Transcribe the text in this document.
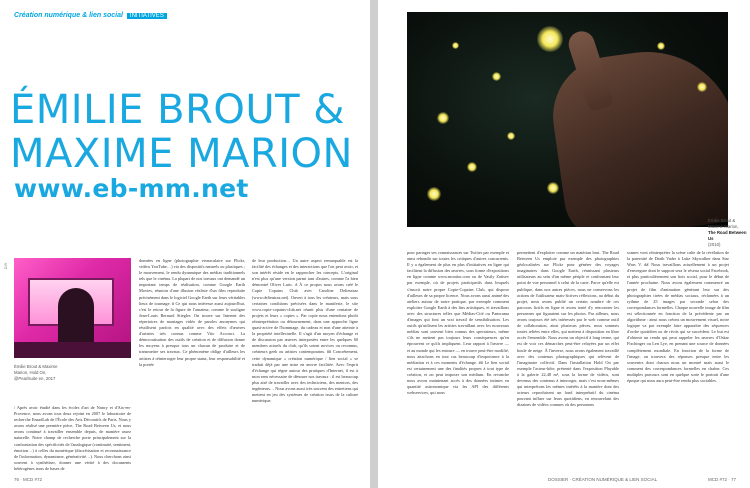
Création numérique & lien social INITIATIVES
ÉMILIE BROUT &
MAXIME MARION
www.eb-mm.net
D.R.
Émilie Brout & Maxime Marion, Hold On, @Pearlsuite en, 2017

/ Après avoir étudié dans les écoles d'art de Nancy et d'Aix-en-Provence, nous avons tous deux rejoint en 2007 le laboratoire de recherche EnsadLab de l'École des Arts Décoratifs de Paris. Nous y avons réalisé une première pièce, The Road Between Us, et nous avons continué à travailler ensemble depuis, de manière assez naturelle. Notre champ de recherche porte principalement sur la confrontation des spécificités de l'analogique (continuité, sentiment, émotion…) à celles du numérique (discrétisation et reconnaissance de l'information, dynamisme, générativité…). Nous cherchons ainsi souvent à synthétiser, donner une vérité à des documents hétérogènes issus de bases de

données en ligne (photographie vernaculaire sur Flickr, vidéos YouTube…) via des dispositifs naturels ou plastiques ; le mouvement, le rendu dynamique des médias traditionnels tels que le cinéma. La plupart de nos travaux ont demandé un important temps de réalisation, comme Google Earth Movies, réunion d'une illusion réaliste d'un film reproduite précisément dans le logiciel Google Earth sur leurs véritables lieux de tournage. # Ce qui nous intéresse aussi aujourd'hui, c'est le retour de la figure de l'amateur, comme le souligne Jean-Louis Bernard Stiegler. On trouve sur Internet des répertoires de montages vidéo de paroles anonymes qui réutilisent parfois en qualité avec des effets d'œuvres d'artistes très connus comme Vito Acconci. La démocratisation des outils de création et de diffusion donne les moyens à presque tous un chacun de produire et de transmettre ses travaux. Ce phénomène oblige d'ailleurs les artistes à réinterroger leur propre statut, leur responsabilité et la portée

de leur production… Un autre aspect remarquable est la facilité des échanges et des interactions que l'on peut avoir, et son intérêt réside en le rapprocher les concepts. L'original n'est plus qu'une version parmi tant d'autres, comme l'a bien démontré Oliver Laric. # À ce propos nous avons créé le Copie Copains Club avec Caroline Delieutraz (www.delieutraz.net). Ouvert à tous les créateurs, mais sous certaines conditions précisées dans le manifeste, le site www.copie-copains-club.net réunit plus d'une centaine de projets et leurs « copies ». Par copie nous entendons plutôt réinterprétation ou détournement, dans une approche ligne quasi-active de l'hommage, du cadeau et non d'une atteinte à la propriété intellectuelle. Il s'agit d'un moyen d'échange et de discussion par œuvres interposées entre les quelques 60 membres actuels du club, qu'ils soient novices ou reconnus, créateurs geek ou artistes contemporains. ## Concrètement, cette dynamique « création numérique / lien social » se traduit déjà par une mise en œuvre facilitée. Avec l'esprit d'échange qui règne autour des pratiques d'Internet, il est à mon sens nécessaire de dénouer nos travaux : il est beaucoup plus aisé de travailler avec des techniciens, des mentors, des ingénieurs… Nous avons aussi très souvent des entretiens qui mettent en jeu des systèmes de création issus de la culture numérique.

76 · MCD #72
Émilie Brout & Maxime Marion,
The Road Between Us
(2010)

pour partager ses connaissances sur Twitter par exemple et ainsi rebondir sur toutes les critiques d'autres concurrents. Il y a également de plus en plus d'initiatives en ligne qui facilitent la diffusion des œuvres, sous forme d'expositions en ligne comme www.monitor.com ou de Vasily Zaitsev par exemple, où de projets participatifs dans lesquels s'inscrit notre propre Copie-Copains Club, qui dispose d'ailleurs de sa propre licence. Nous avons aussi animé des ateliers autour de notre pratique, par exemple comment exploiter Google Earth à des fins artistiques, et travaillons avec des structures telles que Médias-Cité ou Panorama d'images qui font un vrai travail de sensibilisation. Les outils qu'utilisent les artistes travaillant avec les nouveaux médias sont souvent bien connus des spectateurs, même s'ils ne mettent pas toujours leurs conséquences qu'en éprouvent ce qu'ils impliquent. Leur rapport à l'œuvre — et au monde qui les entoure — en trouve peut-être modifié, nous attachons en tout cas beaucoup d'importance à la médiation et à ces moments d'échange. ## Le lien social est certainement une des finalités propres à tout type de création, et on peut imposer son médium. En revanche nous avons maintenant accès à des données intimes en quantité astronomique via les API des différents webservices, qui nous

permettent d'exploiter comme un matériau brut. The Road Between Us emploie par exemple des photographies géolocalisées sur Flickr pour générer des voyages imaginaires dans Google Earth, réunissant plusieurs utilisateurs au sein d'un même périple et confrontant leur point de vue personnel à celui de la carte. Parce qu'elle est publique, dans nos autres pièces, nous ne conservons les actions de l'utilisateur mais-fictives réflexions, au début du projet, nous avons publié un certain nombre de ces parcours fictifs en ligne et avons tenté d'y rencontrer les personnes qui figuraient sur les photos. Par ailleurs, nous avons toujours été très intéressés par le web comme outil de collaboration, ainsi plusieurs pièces, nous sommes toutes reliées entre elles, qui mettent à disposition en libre accès l'ensemble. Nous avons un objectif à long terme, qui est de voir ces démarches peut-être relayées par un effet boule de neige. À l'inverse, nous avons également travaillé avec des contenus photographiques qui relèvent de l'imaginaire collectif. Dans l'installation Hold On par exemple l'acteur-hôte, présenté dans l'exposition Playable à la galerie 22,48 m², sous la forme de vidéos, sont devenus des contenus à interroger, mais c'est nous-mêmes qui interprétons les mêmes intérêts à la manière dont des acteurs reproduisent un fond interprétatif du cinéma pouvant influer sur leurs quotidiens, en renouvelant des dizaines de vidéos connues où des personnes

sonnes vont réinterpréter la scène culte de la révélation de la paternité de Darth Vader à Luke Skywalker dans Star Wars V. ## Nous travaillons actuellement à un projet d'envergure dont le support sera le réseau social Facebook, et plus particulièrement son bois social, pour le début de l'année prochaine. Nous avons également commencé un projet de film d'animation générant leur sur des photographies tirées de médias sociaux, réclamées à un rythme de 25 images par seconde selon des correspondances formelles. Chaque nouvelle image de film est sélectionnée en fonction de la précédente par un algorithme : ainsi nous créons un mouvement visuel, notre logique va par exemple faire apparaître des séquences d'ordre quotidien ou de récits qui se succèdent. Le but est d'obtenir un rendu qui peut rappeler les œuvres d'Oskar Fischinger ou Len Lye, en prenant une source de données complètement mondiale. En fonction de la forme de l'image, on trouvera des réponses presque entre les souvenirs dont chacun nous un montré mais aussi le comment des correspondances formelles en chaîne. Ces multiples parcours sont en quelque sorte le portrait d'une époque qui nous aura peut-être rendu plus sociables.

DOSSIER · CRÉATION NUMÉRIQUE & LIEN SOCIAL	MCD #72 · 77
